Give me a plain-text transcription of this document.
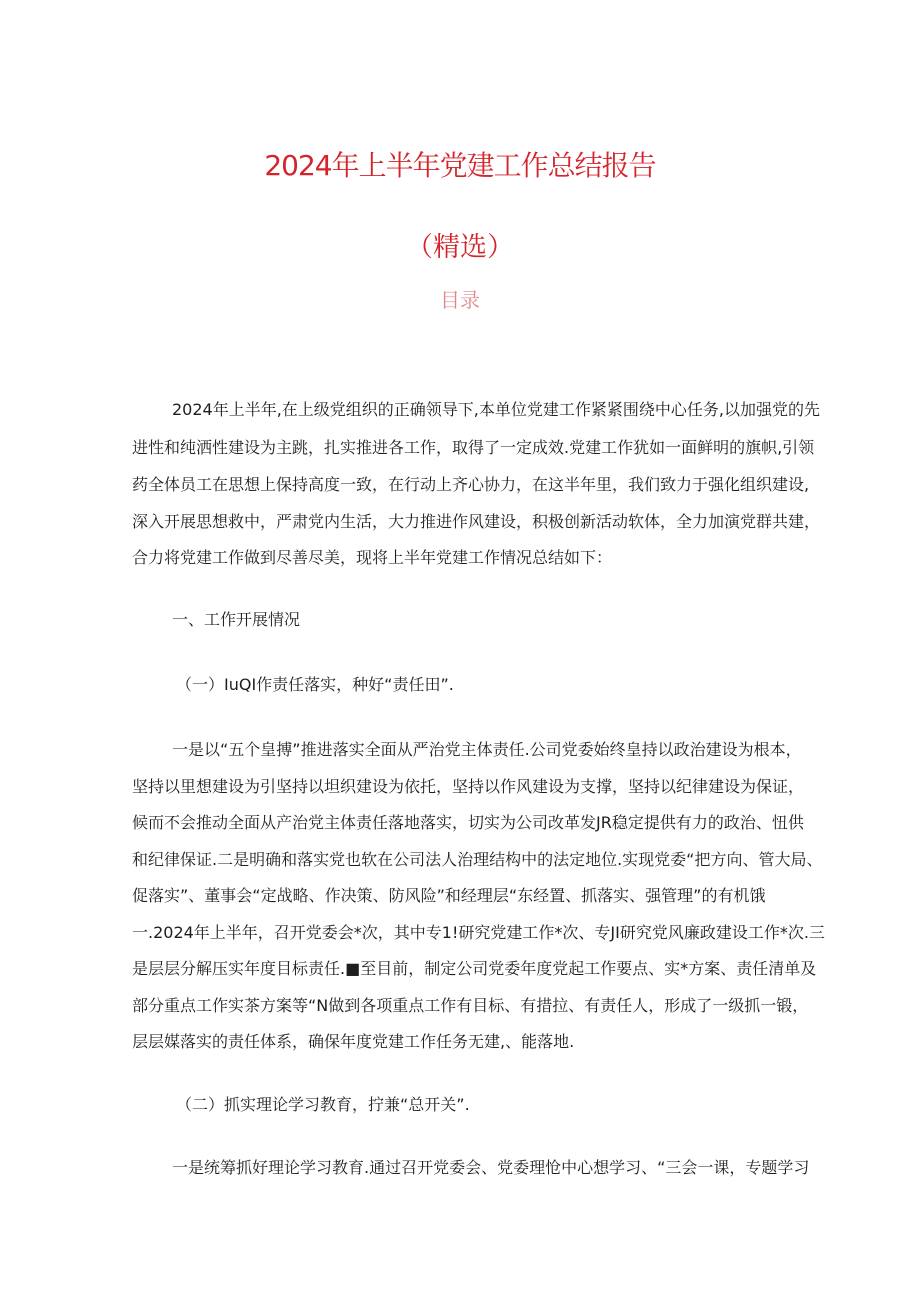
2024年上半年党建工作总结报告
（精选）
目录
2024年上半年,在上级党组织的正确领导下,本单位党建工作紧紧围绕中心任务,以加强党的先
进性和纯洒性建设为主跳，扎实推进各工作，取得了一定成效.党建工作犹如一面鲜明的旗帜,引领
药全体员工在思想上保持高度一致，在行动上齐心协力，在这半年里，我们致力于强化组织建设,
深入开展思想救中，严肃党内生活，大力推进作风建设，积极创新活动软体，全力加演党群共建，
合力将党建工作做到尽善尽美，现将上半年党建工作情况总结如下：
一、工作开展情况
（一）IuQI作责任落实，种好“责任田”.
一是以“五个皇搏”推进落实全面从严治党主体责任.公司党委始终皇持以政治建设为根本，
坚持以里想建设为引坚持以坦织建设为依托，坚持以作风建设为支撑，坚持以纪律建设为保证，
候而不会推动全面从产治党主体责任落地落实，切实为公司改革发JR稳定提供有力的政治、忸供
和纪律保证.二是明确和落实党也软在公司法人治理结构中的法定地位.实现党委“把方向、管大局、
促落实”、董事会“定战略、作决策、防风险”和经理层“东经置、抓落实、强管理”的有机饿
一.2024年上半年，召开党委会*次，其中专1!研究党建工作*次、专JI研究党风廉政建设工作*次.三
是层层分解压实年度目标责任.■至目前，制定公司党委年度党起工作要点、实*方案、责任清单及
部分重点工作实茶方案等“N做到各项重点工作有目标、有措拉、有责任人，形成了一级抓一锻，
层层媒落实的责任体系，确保年度党建工作任务无建,、能落地.
（二）抓实理论学习教育，拧兼“总开关”.
一是统筹抓好理论学习教育.通过召开党委会、党委理怆中心想学习、“三会一课，专题学习
